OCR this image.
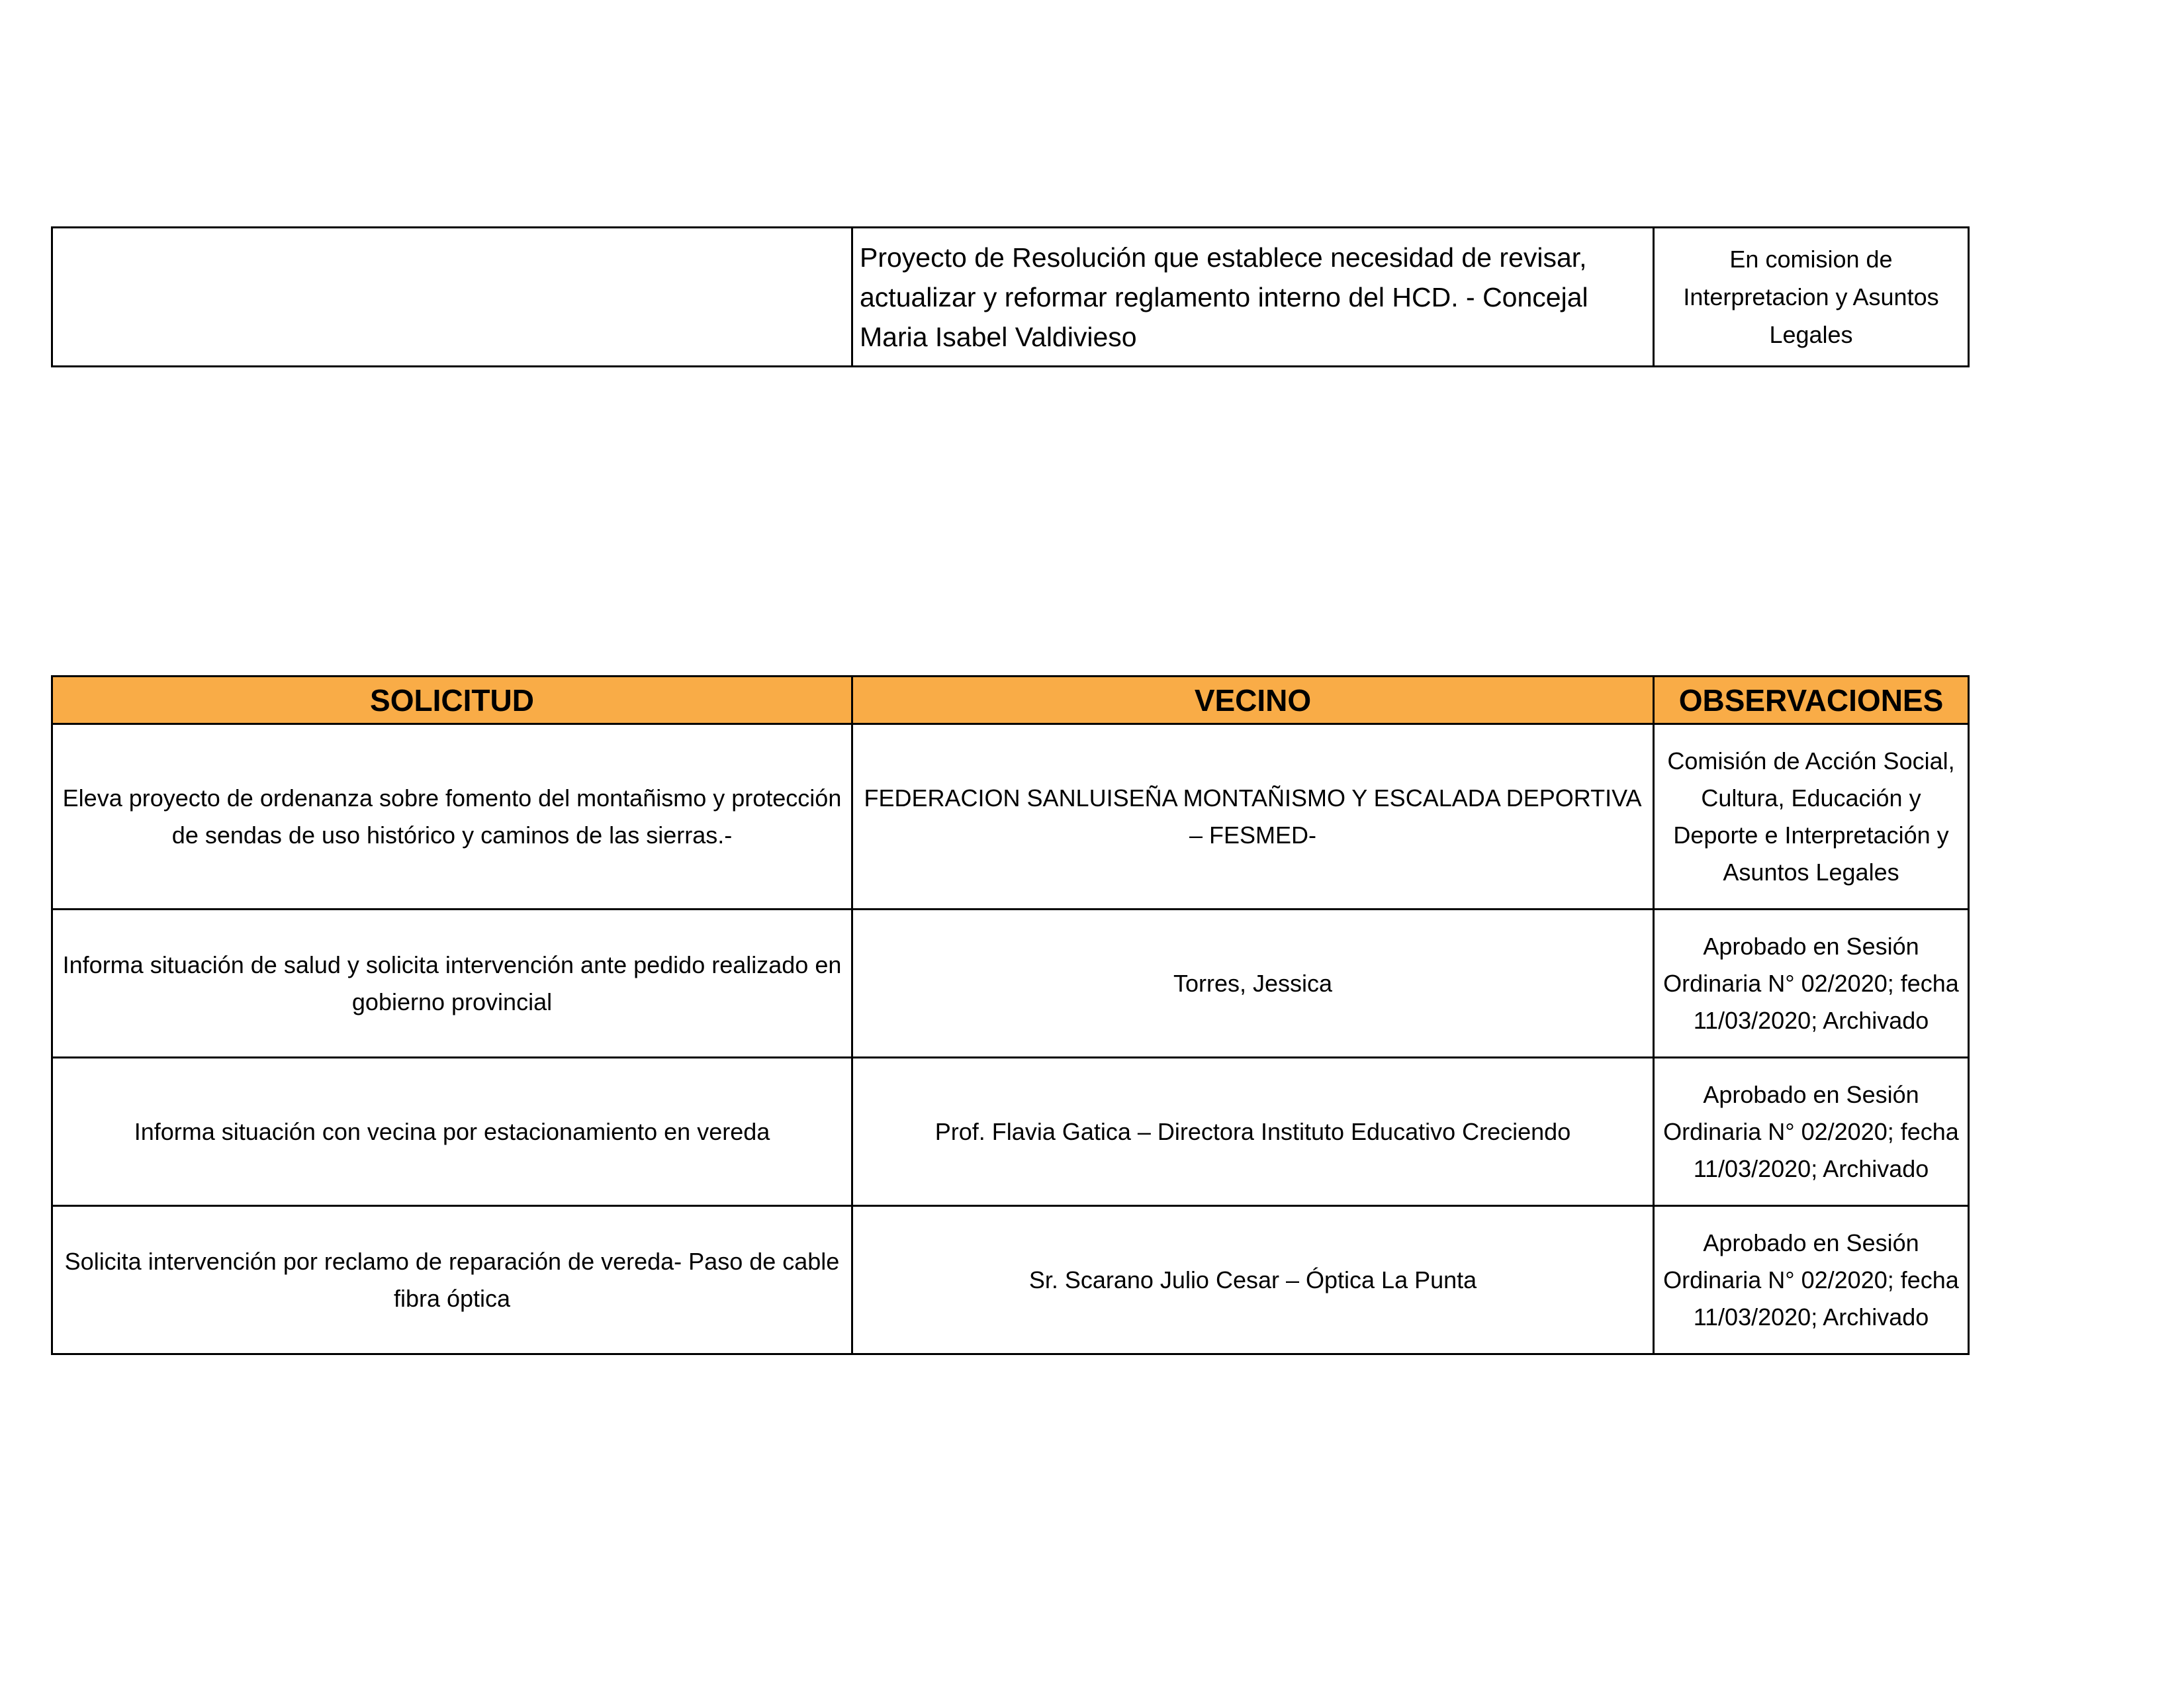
	Proyecto de Resolución que establece necesidad de revisar, actualizar y reformar reglamento interno del HCD. - Concejal Maria Isabel Valdivieso	En comision de Interpretacion y Asuntos Legales
SOLICITUD	VECINO	OBSERVACIONES
Eleva proyecto de ordenanza sobre fomento del montañismo y protección de sendas de uso histórico y caminos de las sierras.-	FEDERACION SANLUISEÑA MONTAÑISMO Y ESCALADA DEPORTIVA – FESMED-	Comisión de Acción Social, Cultura, Educación y Deporte e Interpretación y Asuntos Legales
Informa situación de salud y solicita intervención ante pedido realizado en gobierno provincial	Torres, Jessica	Aprobado en Sesión Ordinaria N° 02/2020; fecha 11/03/2020; Archivado
Informa situación con vecina por estacionamiento en vereda	Prof. Flavia Gatica – Directora Instituto Educativo Creciendo	Aprobado en Sesión Ordinaria N° 02/2020; fecha 11/03/2020; Archivado
Solicita intervención por reclamo de reparación de vereda- Paso de cable fibra óptica	Sr. Scarano Julio Cesar – Óptica La Punta	Aprobado en Sesión Ordinaria N° 02/2020; fecha 11/03/2020; Archivado
